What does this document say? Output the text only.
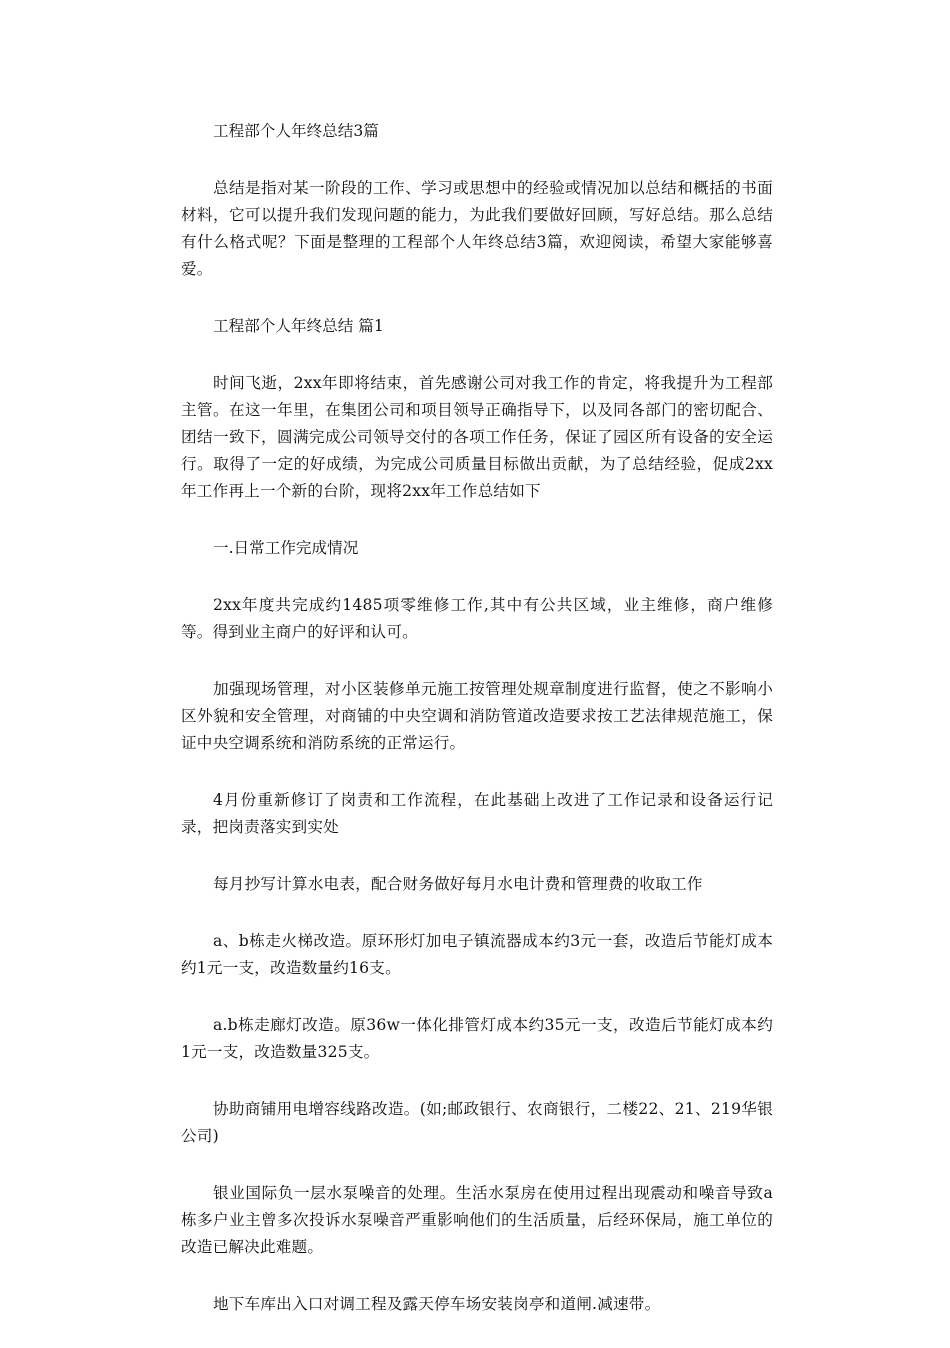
工程部个人年终总结3篇
总结是指对某一阶段的工作、学习或思想中的经验或情况加以总结和概括的书面材料，它可以提升我们发现问题的能力，为此我们要做好回顾，写好总结。那么总结有什么格式呢？下面是整理的工程部个人年终总结3篇，欢迎阅读，希望大家能够喜爱。
工程部个人年终总结 篇1
时间飞逝，2xx年即将结束，首先感谢公司对我工作的肯定，将我提升为工程部主管。在这一年里，在集团公司和项目领导正确指导下，以及同各部门的密切配合、团结一致下，圆满完成公司领导交付的各项工作任务，保证了园区所有设备的安全运行。取得了一定的好成绩，为完成公司质量目标做出贡献，为了总结经验，促成2xx年工作再上一个新的台阶，现将2xx年工作总结如下
一.日常工作完成情况
2xx年度共完成约1485项零维修工作,其中有公共区域，业主维修，商户维修等。得到业主商户的好评和认可。
加强现场管理，对小区装修单元施工按管理处规章制度进行监督，使之不影响小区外貌和安全管理，对商铺的中央空调和消防管道改造要求按工艺法律规范施工，保证中央空调系统和消防系统的正常运行。
4月份重新修订了岗责和工作流程，在此基础上改进了工作记录和设备运行记录，把岗责落实到实处
每月抄写计算水电表，配合财务做好每月水电计费和管理费的收取工作
a、b栋走火梯改造。原环形灯加电子镇流器成本约3元一套，改造后节能灯成本约1元一支，改造数量约16支。
a.b栋走廊灯改造。原36w一体化排管灯成本约35元一支，改造后节能灯成本约1元一支，改造数量325支。
协助商铺用电增容线路改造。(如;邮政银行、农商银行，二楼22、21、219华银公司)
银业国际负一层水泵噪音的处理。生活水泵房在使用过程出现震动和噪音导致a栋多户业主曾多次投诉水泵噪音严重影响他们的生活质量，后经环保局，施工单位的改造已解决此难题。
地下车库出入口对调工程及露天停车场安装岗亭和道闸.减速带。
